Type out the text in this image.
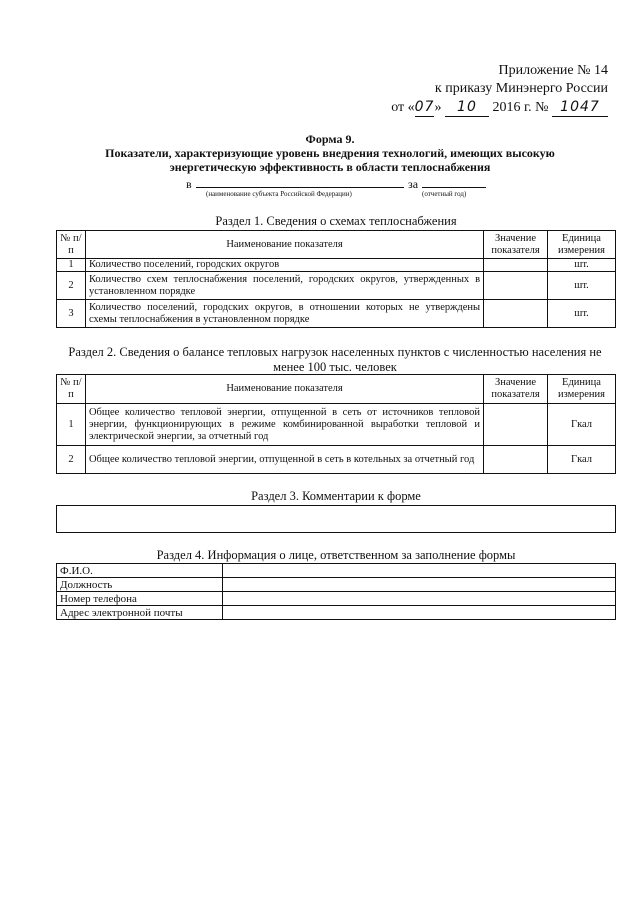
Приложение № 14
к приказу Минэнерго России
от «07» 10 2016 г. № 1047
Форма 9.
Показатели, характеризующие уровень внедрения технологий, имеющих высокую энергетическую эффективность в области теплоснабжения
в	за
(наименование субъекта Российской Федерации)	(отчетный год)
Раздел 1. Сведения о схемах теплоснабжения
№ п/п	Наименование показателя	Значение показателя	Единица измерения
1	Количество поселений, городских округов		шт.
2	Количество схем теплоснабжения поселений, городских округов, утвержденных в установленном порядке		шт.
3	Количество поселений, городских округов, в отношении которых не утверждены схемы теплоснабжения в установленном порядке		шт.
Раздел 2. Сведения о балансе тепловых нагрузок населенных пунктов с численностью населения не менее 100 тыс. человек
№ п/п	Наименование показателя	Значение показателя	Единица измерения
1	Общее количество тепловой энергии, отпущенной в сеть от источников тепловой энергии, функционирующих в режиме комбинированной выработки тепловой и электрической энергии, за отчетный год		Гкал
2	Общее количество тепловой энергии, отпущенной в сеть в котельных за отчетный год		Гкал
Раздел 3. Комментарии к форме
Раздел 4. Информация о лице, ответственном за заполнение формы
Ф.И.О.	
Должность	
Номер телефона	
Адрес электронной почты	
